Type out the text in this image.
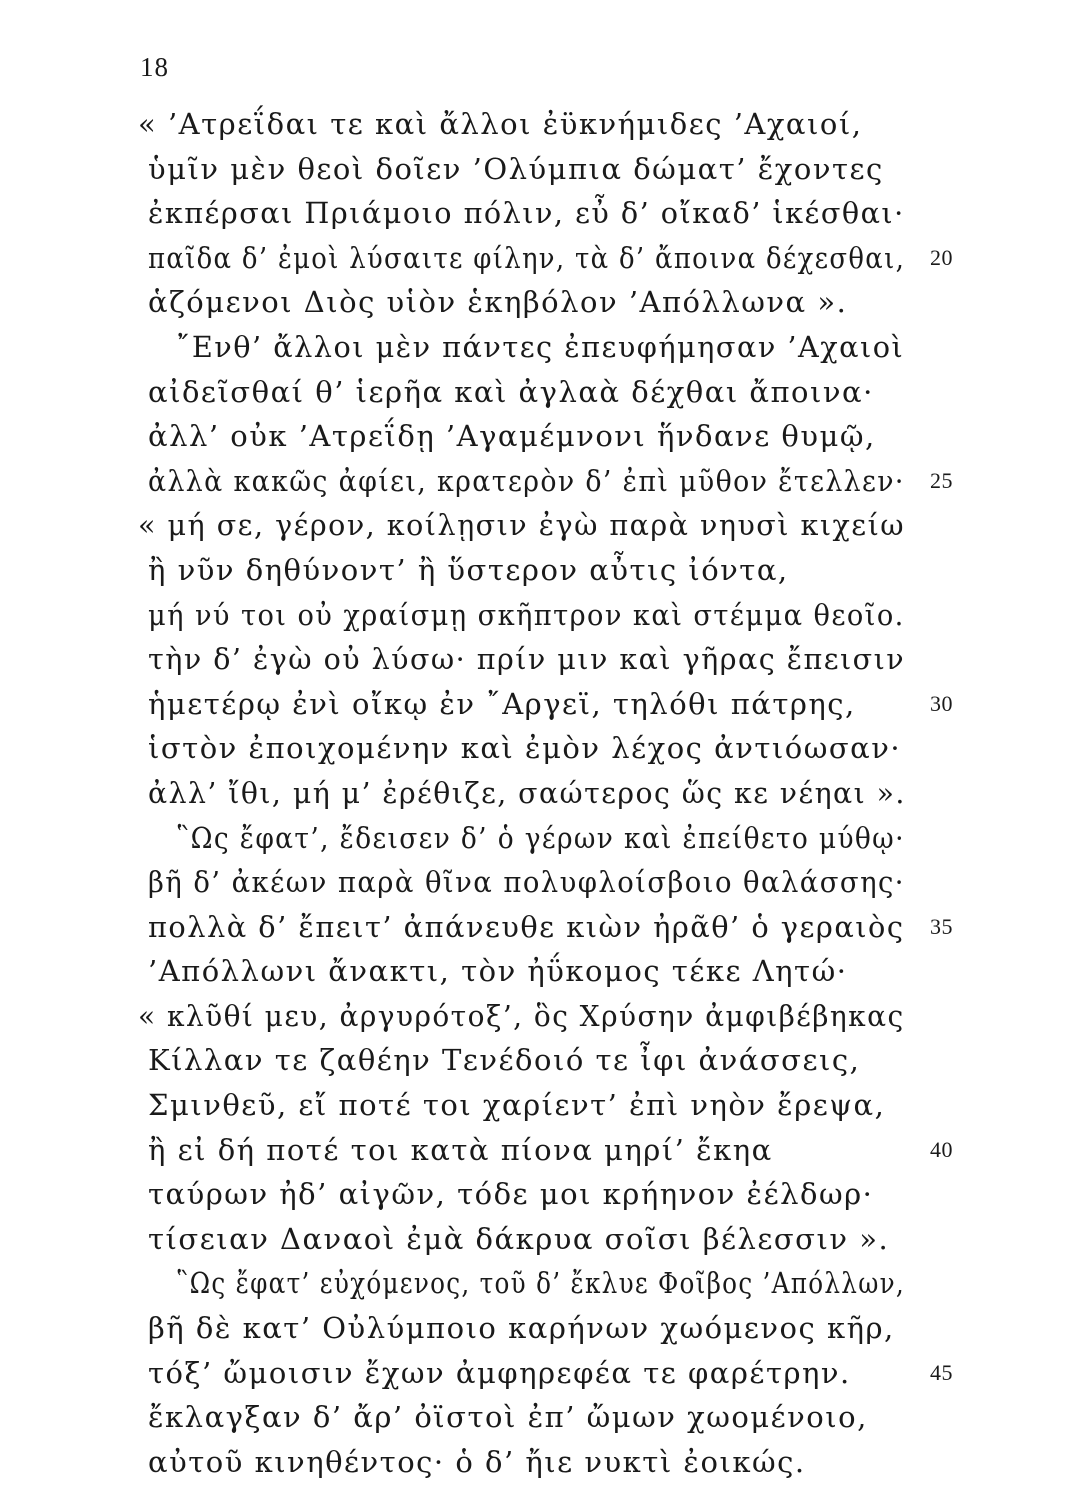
18
« ’Ατρεΐδαι τε καὶ ἄλλοι ἐϋκνήμιδες ’Αχαιοί,
ὑμῖν μὲν θεοὶ δοῖεν ’Ολύμπια δώματ’ ἔχοντες
ἐκπέρσαι Πριάμοιο πόλιν, εὖ δ’ οἴκαδ’ ἱκέσθαι·
παῖδα δ’ ἐμοὶ λύσαιτε φίλην, τὰ δ’ ἄποινα δέχεσθαι, 20
ἁζόμενοι Διὸς υἱὸν ἑκηβόλον ’Απόλλωνα ».
῎Ενθ’ ἄλλοι μὲν πάντες ἐπευφήμησαν ’Αχαιοὶ
αἰδεῖσθαί θ’ ἱερῆα καὶ ἀγλαὰ δέχθαι ἄποινα·
ἀλλ’ οὐκ ’Ατρεΐδῃ ’Αγαμέμνονι ἥνδανε θυμῷ,
ἀλλὰ κακῶς ἀφίει, κρατερὸν δ’ ἐπὶ μῦθον ἔτελλεν· 25
« μή σε, γέρον, κοίλῃσιν ἐγὼ παρὰ νηυσὶ κιχείω
ἢ νῦν δηθύνοντ’ ἢ ὕστερον αὖτις ἰόντα,
μή νύ τοι οὐ χραίσμῃ σκῆπτρον καὶ στέμμα θεοῖο.
τὴν δ’ ἐγὼ οὐ λύσω· πρίν μιν καὶ γῆρας ἔπεισιν
ἡμετέρῳ ἐνὶ οἴκῳ ἐν ῎Αργεϊ, τηλόθι πάτρης,	30
ἱστὸν ἐποιχομένην καὶ ἐμὸν λέχος ἀντιόωσαν·
ἀλλ’ ἴθι, μή μ’ ἐρέθιζε, σαώτερος ὥς κε νέηαι ».
῝Ως ἔφατ’, ἔδεισεν δ’ ὁ γέρων καὶ ἐπείθετο μύθῳ·
βῆ δ’ ἀκέων παρὰ θῖνα πολυφλοίσβοιο θαλάσσης·
πολλὰ δ’ ἔπειτ’ ἀπάνευθε κιὼν ἠρᾶθ’ ὁ γεραιὸς 35
’Απόλλωνι ἄνακτι, τὸν ἠΰκομος τέκε Λητώ·
« κλῦθί μευ, ἀργυρότοξ’, ὃς Χρύσην ἀμφιβέβηκας
Κίλλαν τε ζαθέην Τενέδοιό τε ἶφι ἀνάσσεις,
Σμινθεῦ, εἴ ποτέ τοι χαρίεντ’ ἐπὶ νηὸν ἔρεψα,
ἢ εἰ δή ποτέ τοι κατὰ πίονα μηρί’ ἔκηα	40
ταύρων ἠδ’ αἰγῶν, τόδε μοι κρήηνον ἐέλδωρ·
τίσειαν Δαναοὶ ἐμὰ δάκρυα σοῖσι βέλεσσιν ».
῝Ως ἔφατ’ εὐχόμενος, τοῦ δ’ ἔκλυε Φοῖβος ’Απόλλων,
βῆ δὲ κατ’ Οὐλύμποιο καρήνων χωόμενος κῆρ,
τόξ’ ὤμοισιν ἔχων ἀμφηρεφέα τε φαρέτρην.	45
ἔκλαγξαν δ’ ἄρ’ ὀϊστοὶ ἐπ’ ὤμων χωομένοιο,
αὐτοῦ κινηθέντος· ὁ δ’ ἤιε νυκτὶ ἐοικώς.
